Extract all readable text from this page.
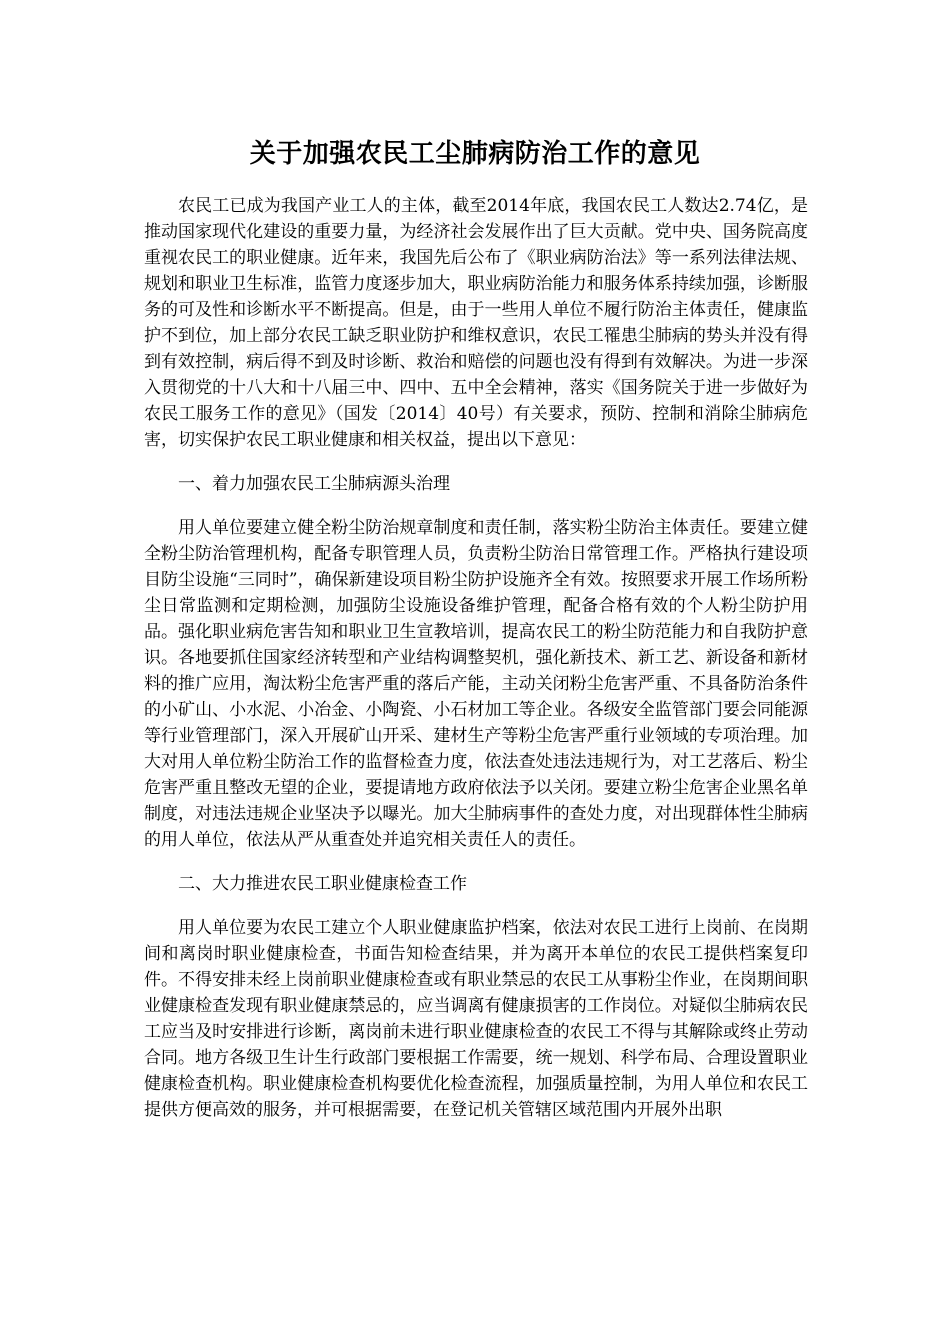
关于加强农民工尘肺病防治工作的意见

农民工已成为我国产业工人的主体，截至2014年底，我国农民工人数达2.74亿，是推动国家现代化建设的重要力量，为经济社会发展作出了巨大贡献。党中央、国务院高度重视农民工的职业健康。近年来，我国先后公布了《职业病防治法》等一系列法律法规、规划和职业卫生标准，监管力度逐步加大，职业病防治能力和服务体系持续加强，诊断服务的可及性和诊断水平不断提高。但是，由于一些用人单位不履行防治主体责任，健康监护不到位，加上部分农民工缺乏职业防护和维权意识，农民工罹患尘肺病的势头并没有得到有效控制，病后得不到及时诊断、救治和赔偿的问题也没有得到有效解决。为进一步深入贯彻党的十八大和十八届三中、四中、五中全会精神，落实《国务院关于进一步做好为农民工服务工作的意见》（国发〔2014〕40号）有关要求，预防、控制和消除尘肺病危害，切实保护农民工职业健康和相关权益，提出以下意见：

一、着力加强农民工尘肺病源头治理

用人单位要建立健全粉尘防治规章制度和责任制，落实粉尘防治主体责任。要建立健全粉尘防治管理机构，配备专职管理人员，负责粉尘防治日常管理工作。严格执行建设项目防尘设施“三同时”，确保新建设项目粉尘防护设施齐全有效。按照要求开展工作场所粉尘日常监测和定期检测，加强防尘设施设备维护管理，配备合格有效的个人粉尘防护用品。强化职业病危害告知和职业卫生宣教培训，提高农民工的粉尘防范能力和自我防护意识。各地要抓住国家经济转型和产业结构调整契机，强化新技术、新工艺、新设备和新材料的推广应用，淘汰粉尘危害严重的落后产能，主动关闭粉尘危害严重、不具备防治条件的小矿山、小水泥、小冶金、小陶瓷、小石材加工等企业。各级安全监管部门要会同能源等行业管理部门，深入开展矿山开采、建材生产等粉尘危害严重行业领域的专项治理。加大对用人单位粉尘防治工作的监督检查力度，依法查处违法违规行为，对工艺落后、粉尘危害严重且整改无望的企业，要提请地方政府依法予以关闭。要建立粉尘危害企业黑名单制度，对违法违规企业坚决予以曝光。加大尘肺病事件的查处力度，对出现群体性尘肺病的用人单位，依法从严从重查处并追究相关责任人的责任。

二、大力推进农民工职业健康检查工作

用人单位要为农民工建立个人职业健康监护档案，依法对农民工进行上岗前、在岗期间和离岗时职业健康检查，书面告知检查结果，并为离开本单位的农民工提供档案复印件。不得安排未经上岗前职业健康检查或有职业禁忌的农民工从事粉尘作业，在岗期间职业健康检查发现有职业健康禁忌的，应当调离有健康损害的工作岗位。对疑似尘肺病农民工应当及时安排进行诊断，离岗前未进行职业健康检查的农民工不得与其解除或终止劳动合同。地方各级卫生计生行政部门要根据工作需要，统一规划、科学布局、合理设置职业健康检查机构。职业健康检查机构要优化检查流程，加强质量控制，为用人单位和农民工提供方便高效的服务，并可根据需要，在登记机关管辖区域范围内开展外出职
